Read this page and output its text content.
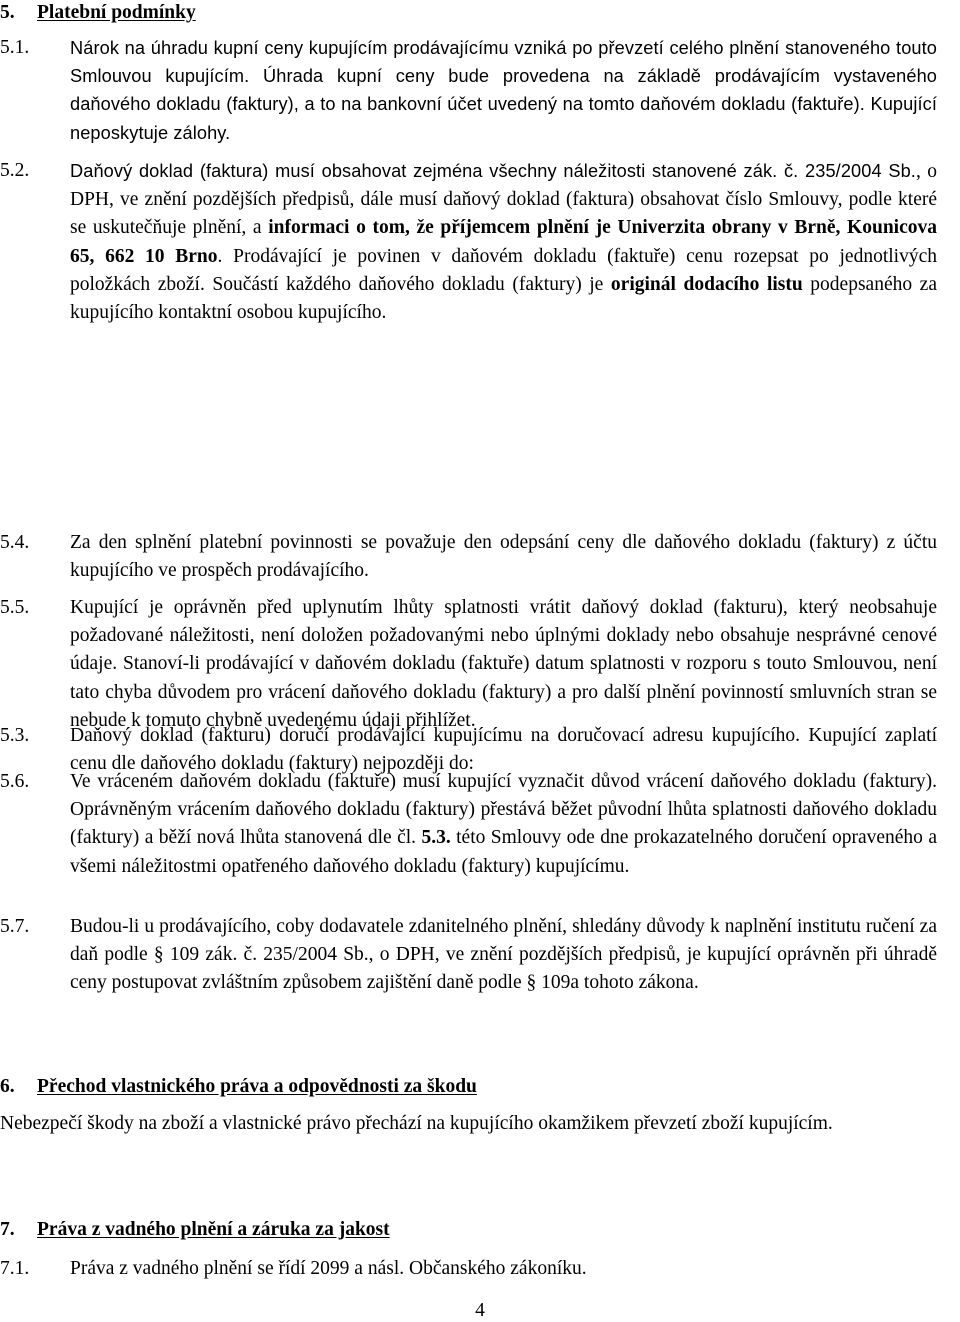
5. Platební podmínky
5.1.	Nárok na úhradu kupní ceny kupujícím prodávajícímu vzniká po převzetí celého plnění stanoveného touto Smlouvou kupujícím. Úhrada kupní ceny bude provedena na základě prodávajícím vystaveného daňového dokladu (faktury), a to na bankovní účet uvedený na tomto daňovém dokladu (faktuře). Kupující neposkytuje zálohy.
5.2.	Daňový doklad (faktura) musí obsahovat zejména všechny náležitosti stanovené zák. č. 235/2004 Sb., o DPH, ve znění pozdějších předpisů, dále musí daňový doklad (faktura) obsahovat číslo Smlouvy, podle které se uskutečňuje plnění, a informaci o tom, že příjemcem plnění je Univerzita obrany v Brně, Kounicova 65, 662 10 Brno. Prodávající je povinen v daňovém dokladu (faktuře) cenu rozepsat po jednotlivých položkách zboží. Součástí každého daňového dokladu (faktury) je originál dodacího listu podepsaného za kupujícího kontaktní osobou kupujícího.
5.3.	Daňový doklad (fakturu) doručí prodávající kupujícímu na doručovací adresu kupujícího. Kupující zaplatí cenu dle daňového dokladu (faktury) nejpozději do:
5.4.	Za den splnění platební povinnosti se považuje den odepsání ceny dle daňového dokladu (faktury) z účtu kupujícího ve prospěch prodávajícího.
5.5.	Kupující je oprávněn před uplynutím lhůty splatnosti vrátit daňový doklad (fakturu), který neobsahuje požadované náležitosti, není doložen požadovanými nebo úplnými doklady nebo obsahuje nesprávné cenové údaje. Stanoví-li prodávající v daňovém dokladu (faktuře) datum splatnosti v rozporu s touto Smlouvou, není tato chyba důvodem pro vrácení daňového dokladu (faktury) a pro další plnění povinností smluvních stran se nebude k tomuto chybně uvedenému údaji přihlížet.
5.6.	Ve vráceném daňovém dokladu (faktuře) musí kupující vyznačit důvod vrácení daňového dokladu (faktury). Oprávněným vrácením daňového dokladu (faktury) přestává běžet původní lhůta splatnosti daňového dokladu (faktury) a běží nová lhůta stanovená dle čl. 5.3. této Smlouvy ode dne prokazatelného doručení opraveného a všemi náležitostmi opatřeného daňového dokladu (faktury) kupujícímu.
5.7.	Budou-li u prodávajícího, coby dodavatele zdanitelného plnění, shledány důvody k naplnění institutu ručení za daň podle § 109 zák. č. 235/2004 Sb., o DPH, ve znění pozdějších předpisů, je kupující oprávněn při úhradě ceny postupovat zvláštním způsobem zajištění daně podle § 109a tohoto zákona.
6. Přechod vlastnického práva a odpovědnosti za škodu
Nebezpečí škody na zboží a vlastnické právo přechází na kupujícího okamžikem převzetí zboží kupujícím.
7. Práva z vadného plnění a záruka za jakost
7.1.	Práva z vadného plnění se řídí 2099 a násl. Občanského zákoníku.
4
